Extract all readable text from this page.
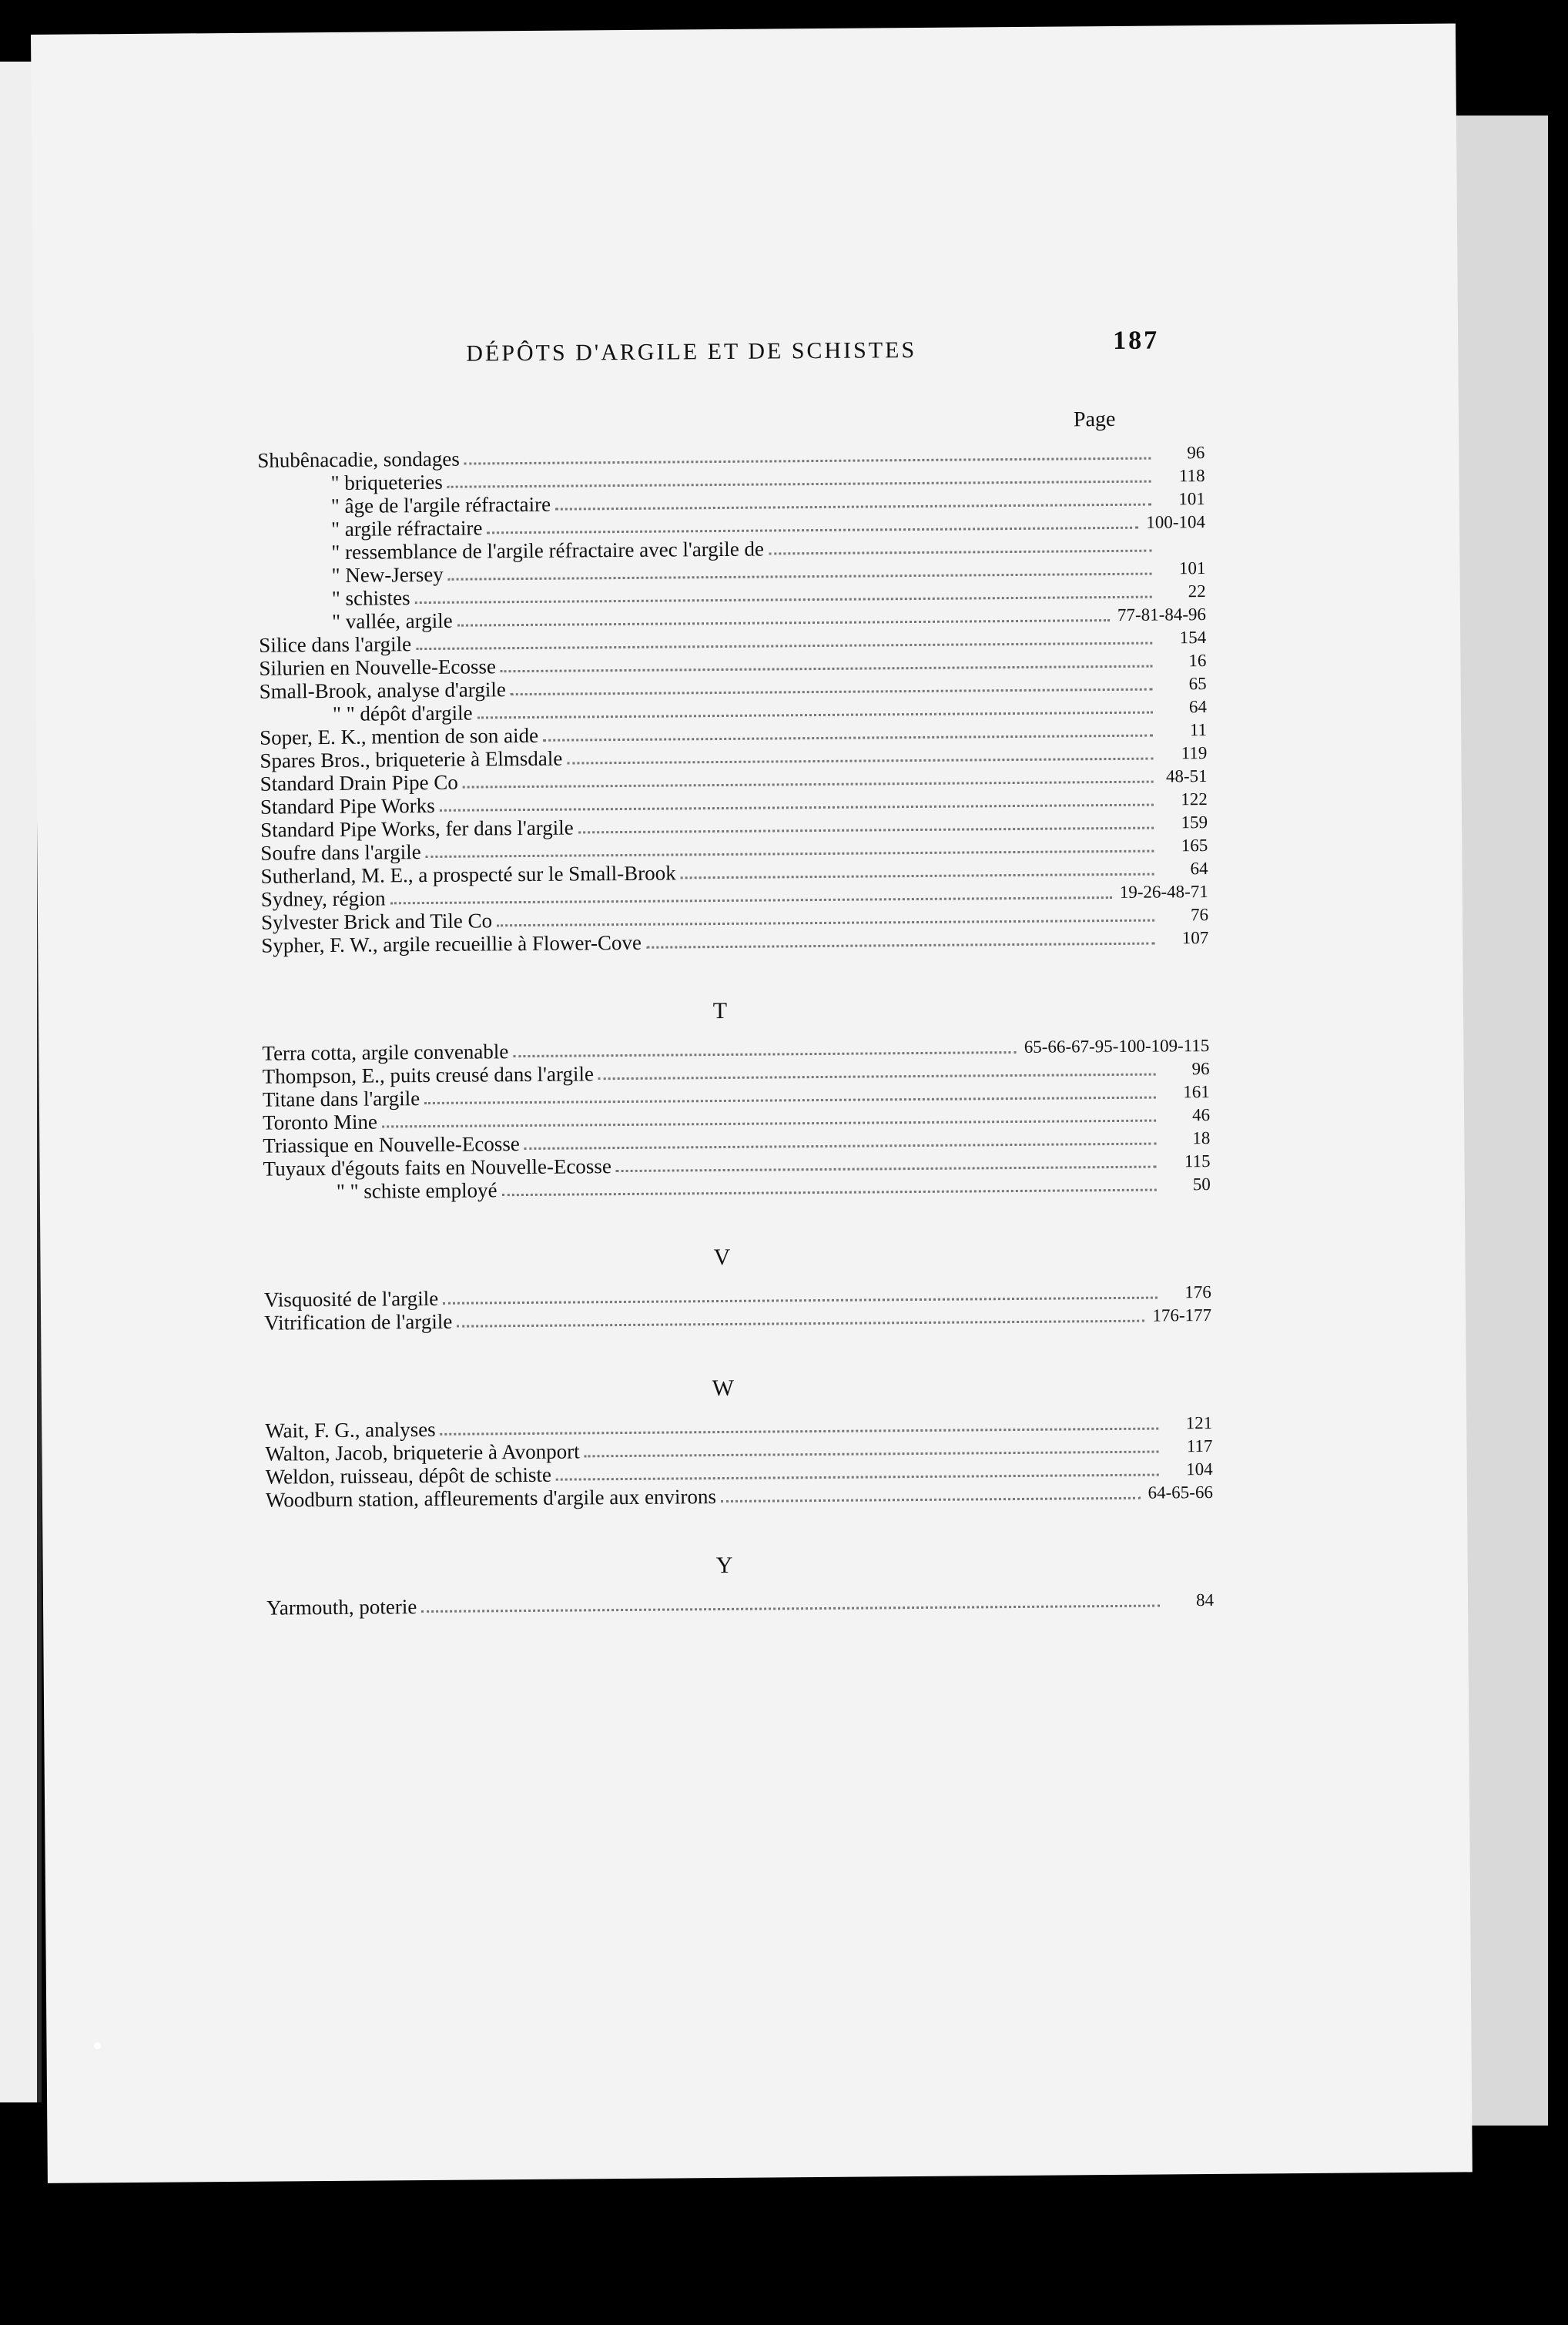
DÉPÔTS D'ARGILE ET DE SCHISTES	187
Page
Shubênacadie, sondages	96
" briqueteries	118
" âge de l'argile réfractaire	101
" argile réfractaire	100-104
" ressemblance de l'argile réfractaire avec l'argile de
" New-Jersey	101
" schistes	22
" vallée, argile	77-81-84-96
Silice dans l'argile	154
Silurien en Nouvelle-Ecosse	16
Small-Brook, analyse d'argile	65
" " dépôt d'argile	64
Soper, E. K., mention de son aide	11
Spares Bros., briqueterie à Elmsdale	119
Standard Drain Pipe Co	48-51
Standard Pipe Works	122
Standard Pipe Works, fer dans l'argile	159
Soufre dans l'argile	165
Sutherland, M. E., a prospecté sur le Small-Brook	64
Sydney, région	19-26-48-71
Sylvester Brick and Tile Co	76
Sypher, F. W., argile recueillie à Flower-Cove	107
T
Terra cotta, argile convenable	65-66-67-95-100-109-115
Thompson, E., puits creusé dans l'argile	96
Titane dans l'argile	161
Toronto Mine	46
Triassique en Nouvelle-Ecosse	18
Tuyaux d'égouts faits en Nouvelle-Ecosse	115
" " schiste employé	50
V
Visquosité de l'argile	176
Vitrification de l'argile	176-177
W
Wait, F. G., analyses	121
Walton, Jacob, briqueterie à Avonport	117
Weldon, ruisseau, dépôt de schiste	104
Woodburn station, affleurements d'argile aux environs	64-65-66
Y
Yarmouth, poterie	84
